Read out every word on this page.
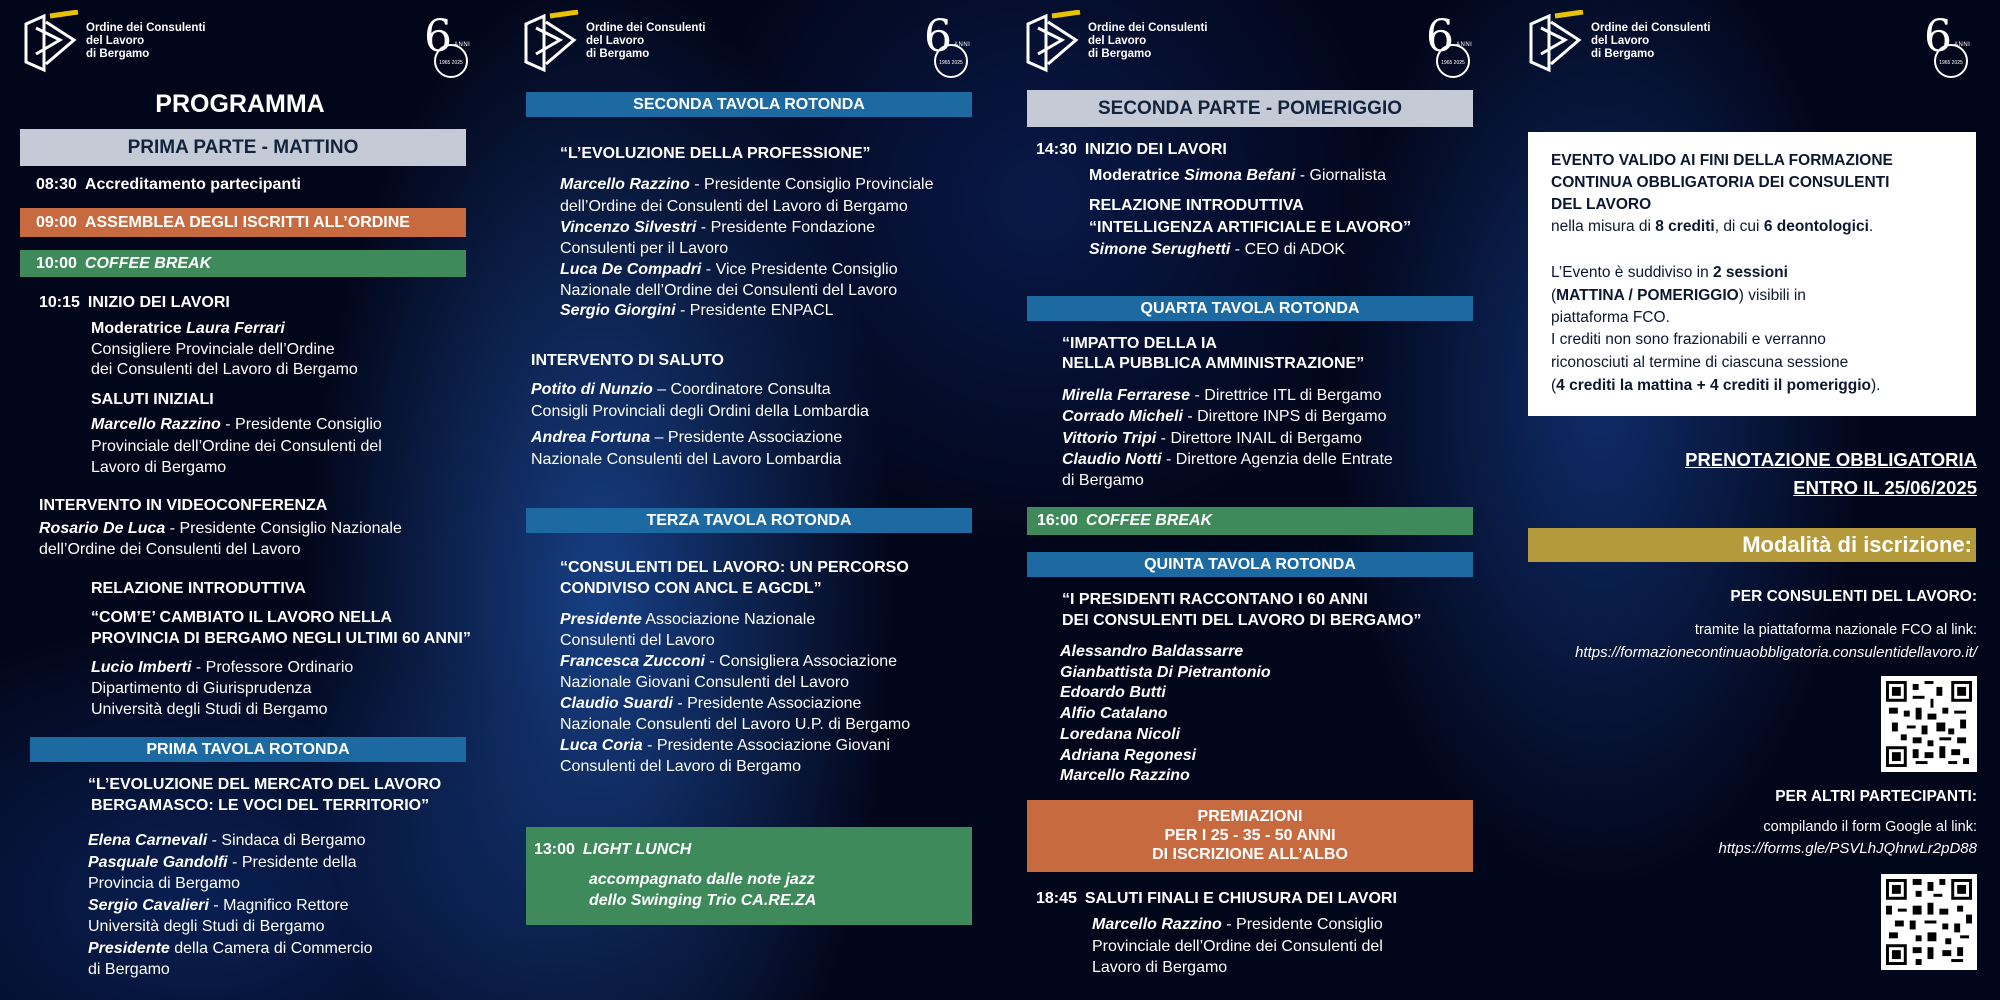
Ordine dei Consulenti
del Lavoro
di Bergamo	6 ANNI
1965 2025
PROGRAMMA
PRIMA PARTE - MATTINO
08:30 Accreditamento partecipanti
09:00 ASSEMBLEA DEGLI ISCRITTI ALL’ORDINE
10:00 COFFEE BREAK
10:15 INIZIO DEI LAVORI
Moderatrice Laura Ferrari
Consigliere Provinciale dell’Ordine
dei Consulenti del Lavoro di Bergamo
SALUTI INIZIALI
Marcello Razzino - Presidente Consiglio
Provinciale dell’Ordine dei Consulenti del
Lavoro di Bergamo
INTERVENTO IN VIDEOCONFERENZA
Rosario De Luca - Presidente Consiglio Nazionale
dell’Ordine dei Consulenti del Lavoro
RELAZIONE INTRODUTTIVA
“COM’E’ CAMBIATO IL LAVORO NELLA
PROVINCIA DI BERGAMO NEGLI ULTIMI 60 ANNI”
Lucio Imberti - Professore Ordinario
Dipartimento di Giurisprudenza
Università degli Studi di Bergamo
PRIMA TAVOLA ROTONDA
“L’EVOLUZIONE DEL MERCATO DEL LAVORO
BERGAMASCO: LE VOCI DEL TERRITORIO”
Elena Carnevali - Sindaca di Bergamo
Pasquale Gandolfi - Presidente della
Provincia di Bergamo
Sergio Cavalieri - Magnifico Rettore
Università degli Studi di Bergamo
Presidente della Camera di Commercio
di Bergamo
Ordine dei Consulenti
del Lavoro
di Bergamo	6 ANNI
1965 2025
SECONDA TAVOLA ROTONDA
“L’EVOLUZIONE DELLA PROFESSIONE”
Marcello Razzino - Presidente Consiglio Provinciale
dell’Ordine dei Consulenti del Lavoro di Bergamo
Vincenzo Silvestri - Presidente Fondazione
Consulenti per il Lavoro
Luca De Compadri - Vice Presidente Consiglio
Nazionale dell’Ordine dei Consulenti del Lavoro
Sergio Giorgini - Presidente ENPACL
INTERVENTO DI SALUTO
Potito di Nunzio – Coordinatore Consulta
Consigli Provinciali degli Ordini della Lombardia
Andrea Fortuna – Presidente Associazione
Nazionale Consulenti del Lavoro Lombardia
TERZA TAVOLA ROTONDA
“CONSULENTI DEL LAVORO: UN PERCORSO
CONDIVISO CON ANCL E AGCDL”
Presidente Associazione Nazionale
Consulenti del Lavoro
Francesca Zucconi - Consigliera Associazione
Nazionale Giovani Consulenti del Lavoro
Claudio Suardi - Presidente Associazione
Nazionale Consulenti del Lavoro U.P. di Bergamo
Luca Coria - Presidente Associazione Giovani
Consulenti del Lavoro di Bergamo
13:00 LIGHT LUNCH
accompagnato dalle note jazz
dello Swinging Trio CA.RE.ZA
Ordine dei Consulenti
del Lavoro
di Bergamo	6 ANNI
1965 2025
SECONDA PARTE - POMERIGGIO
14:30 INIZIO DEI LAVORI
Moderatrice Simona Befani - Giornalista
RELAZIONE INTRODUTTIVA
“INTELLIGENZA ARTIFICIALE E LAVORO”
Simone Serughetti - CEO di ADOK
QUARTA TAVOLA ROTONDA
“IMPATTO DELLA IA
NELLA PUBBLICA AMMINISTRAZIONE”
Mirella Ferrarese - Direttrice ITL di Bergamo
Corrado Micheli - Direttore INPS di Bergamo
Vittorio Tripi - Direttore INAIL di Bergamo
Claudio Notti - Direttore Agenzia delle Entrate
di Bergamo
16:00 COFFEE BREAK
QUINTA TAVOLA ROTONDA
“I PRESIDENTI RACCONTANO I 60 ANNI
DEI CONSULENTI DEL LAVORO DI BERGAMO”
Alessandro Baldassarre
Gianbattista Di Pietrantonio
Edoardo Butti
Alfio Catalano
Loredana Nicoli
Adriana Regonesi
Marcello Razzino
PREMIAZIONI
PER I 25 - 35 - 50 ANNI
DI ISCRIZIONE ALL’ALBO
18:45 SALUTI FINALI E CHIUSURA DEI LAVORI
Marcello Razzino - Presidente Consiglio
Provinciale dell’Ordine dei Consulenti del
Lavoro di Bergamo
Ordine dei Consulenti
del Lavoro
di Bergamo	6 ANNI
1965 2025
EVENTO VALIDO AI FINI DELLA FORMAZIONE
CONTINUA OBBLIGATORIA DEI CONSULENTI
DEL LAVORO
nella misura di 8 crediti, di cui 6 deontologici.
L’Evento è suddiviso in 2 sessioni
(MATTINA / POMERIGGIO) visibili in
piattaforma FCO.
I crediti non sono frazionabili e verranno
riconosciuti al termine di ciascuna sessione
(4 crediti la mattina + 4 crediti il pomeriggio).
PRENOTAZIONE OBBLIGATORIA
ENTRO IL 25/06/2025
Modalità di iscrizione:
PER CONSULENTI DEL LAVORO:
tramite la piattaforma nazionale FCO al link:
https://formazionecontinuaobbligatoria.consulentidellavoro.it/
PER ALTRI PARTECIPANTI:
compilando il form Google al link:
https://forms.gle/PSVLhJQhrwLr2pD88
